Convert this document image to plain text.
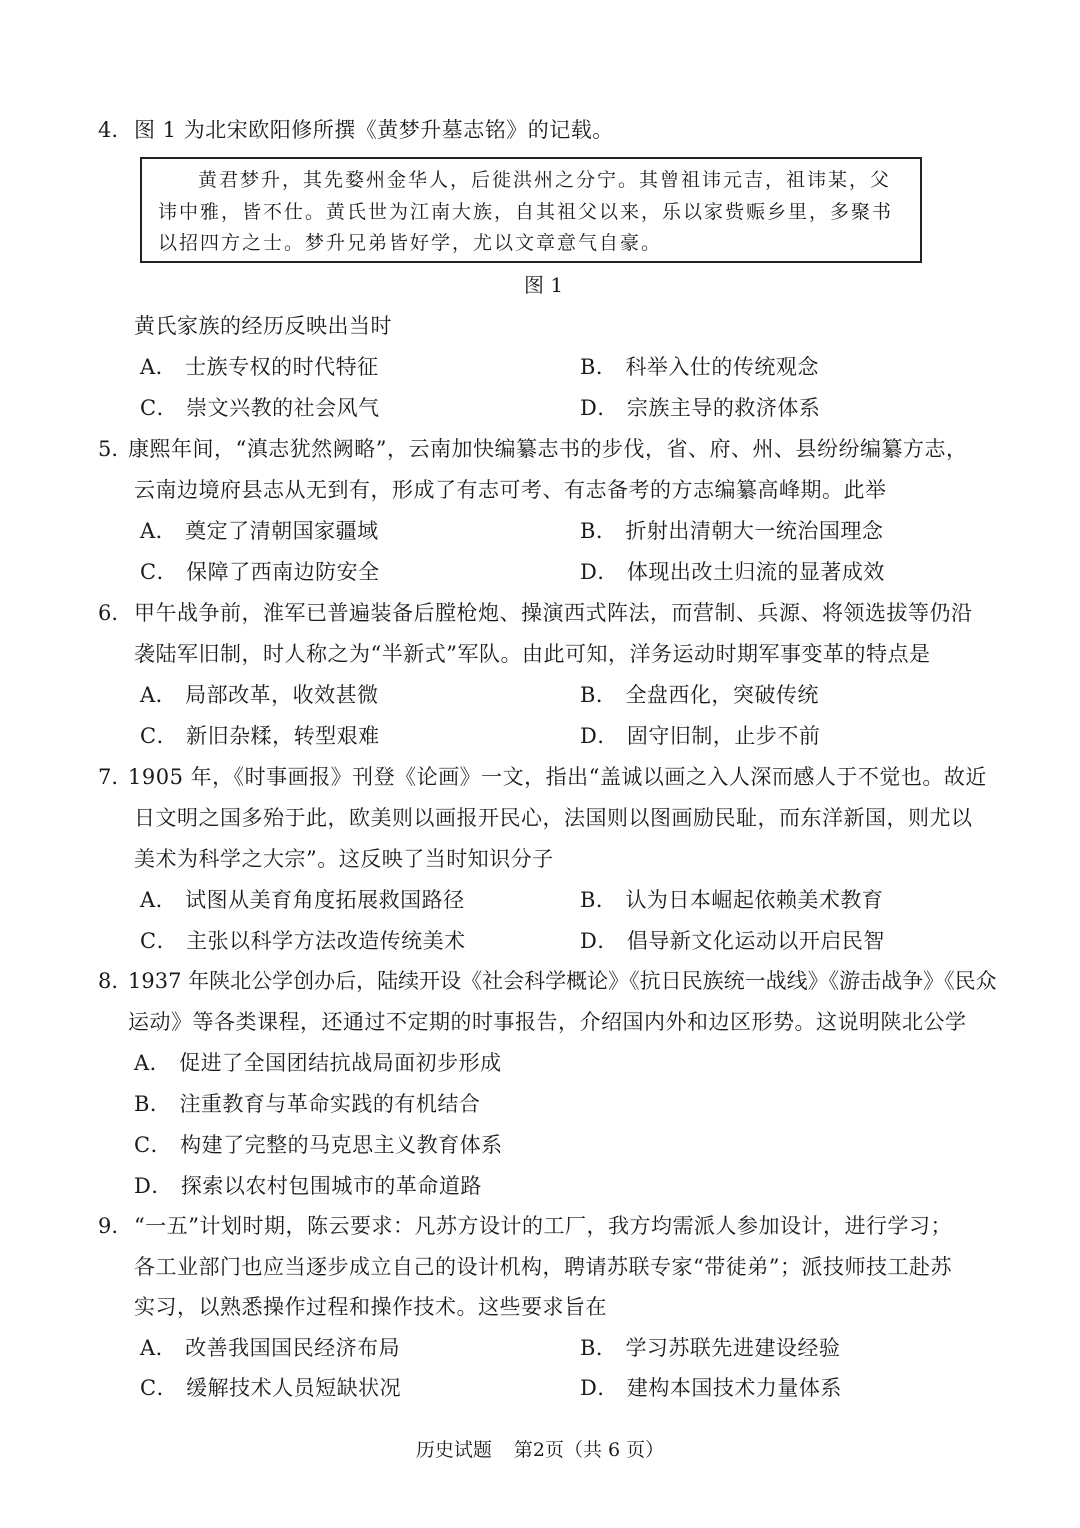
4. 图 1 为北宋欧阳修所撰《黄梦升墓志铭》的记载。
黄君梦升，其先婺州金华人，后徙洪州之分宁。其曾祖讳元吉，祖讳某，父
讳中雅，皆不仕。黄氏世为江南大族，自其祖父以来，乐以家赀赈乡里，多聚书
以招四方之士。梦升兄弟皆好学，尤以文章意气自豪。
图 1
黄氏家族的经历反映出当时
A． 士族专权的时代特征	B． 科举入仕的传统观念
C． 崇文兴教的社会风气	D． 宗族主导的救济体系
5. 康熙年间，“滇志犹然阙略”，云南加快编纂志书的步伐，省、府、州、县纷纷编纂方志，
云南边境府县志从无到有，形成了有志可考、有志备考的方志编纂高峰期。此举
A． 奠定了清朝国家疆域	B． 折射出清朝大一统治国理念
C． 保障了西南边防安全	D． 体现出改土归流的显著成效
6. 甲午战争前，淮军已普遍装备后膛枪炮、操演西式阵法，而营制、兵源、将领选拔等仍沿
袭陆军旧制，时人称之为“半新式”军队。由此可知，洋务运动时期军事变革的特点是
A． 局部改革，收效甚微	B． 全盘西化，突破传统
C． 新旧杂糅，转型艰难	D． 固守旧制，止步不前
7. 1905 年，《时事画报》刊登《论画》一文，指出“盖诚以画之入人深而感人于不觉也。故近
日文明之国多殆于此，欧美则以画报开民心，法国则以图画励民耻，而东洋新国，则尤以
美术为科学之大宗”。这反映了当时知识分子
A． 试图从美育角度拓展救国路径	B． 认为日本崛起依赖美术教育
C． 主张以科学方法改造传统美术	D． 倡导新文化运动以开启民智
8. 1937 年陕北公学创办后，陆续开设《社会科学概论》《抗日民族统一战线》《游击战争》《民众
运动》等各类课程，还通过不定期的时事报告，介绍国内外和边区形势。这说明陕北公学
A． 促进了全国团结抗战局面初步形成
B． 注重教育与革命实践的有机结合
C． 构建了完整的马克思主义教育体系
D． 探索以农村包围城市的革命道路
9. “一五”计划时期，陈云要求：凡苏方设计的工厂，我方均需派人参加设计，进行学习；
各工业部门也应当逐步成立自己的设计机构，聘请苏联专家“带徒弟”；派技师技工赴苏
实习，以熟悉操作过程和操作技术。这些要求旨在
A． 改善我国国民经济布局	B． 学习苏联先进建设经验
C． 缓解技术人员短缺状况	D． 建构本国技术力量体系
历史试题 第2页（共 6 页）
